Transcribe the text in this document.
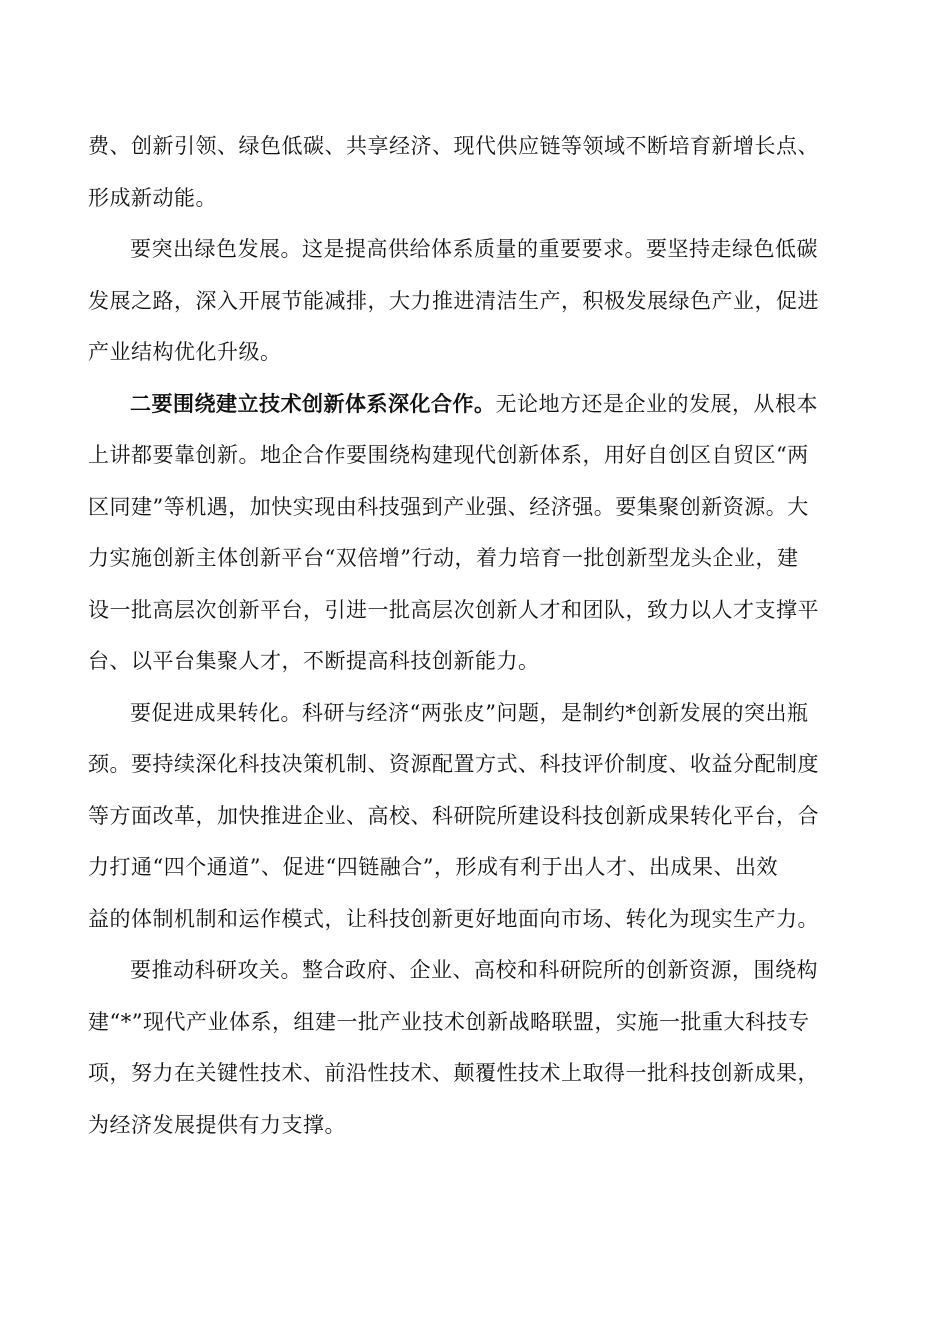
费、创新引领、绿色低碳、共享经济、现代供应链等领域不断培育新增长点、
形成新动能。
要突出绿色发展。这是提高供给体系质量的重要要求。要坚持走绿色低碳
发展之路，深入开展节能减排，大力推进清洁生产，积极发展绿色产业，促进
产业结构优化升级。
二要围绕建立技术创新体系深化合作。无论地方还是企业的发展，从根本
上讲都要靠创新。地企合作要围绕构建现代创新体系，用好自创区自贸区“两
区同建”等机遇，加快实现由科技强到产业强、经济强。要集聚创新资源。大
力实施创新主体创新平台“双倍增”行动，着力培育一批创新型龙头企业，建
设一批高层次创新平台，引进一批高层次创新人才和团队，致力以人才支撑平
台、以平台集聚人才，不断提高科技创新能力。
要促进成果转化。科研与经济“两张皮”问题，是制约*创新发展的突出瓶
颈。要持续深化科技决策机制、资源配置方式、科技评价制度、收益分配制度
等方面改革，加快推进企业、高校、科研院所建设科技创新成果转化平台，合
力打通“四个通道”、促进“四链融合”，形成有利于出人才、出成果、出效
益的体制机制和运作模式，让科技创新更好地面向市场、转化为现实生产力。
要推动科研攻关。整合政府、企业、高校和科研院所的创新资源，围绕构
建“*”现代产业体系，组建一批产业技术创新战略联盟，实施一批重大科技专
项，努力在关键性技术、前沿性技术、颠覆性技术上取得一批科技创新成果，
为经济发展提供有力支撑。
